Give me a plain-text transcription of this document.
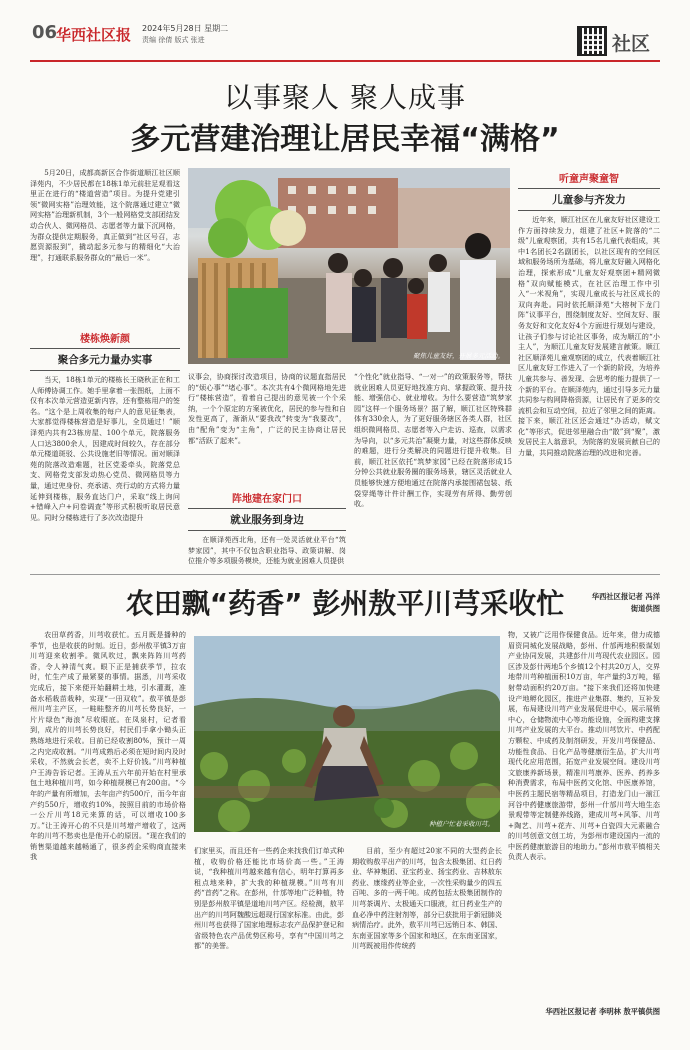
06
华西社区报 2024年5月28日 星期二
责编 徐倩 版式 张进	社区
以事聚人 聚人成事
多元营建治理让居民幸福“满格”

5月20日，成都高新区合作街道顺江社区顺泽苑内，不少居民都在18栋1单元前驻足观看这里正在进行的“楼道营造”项目。为提升党建引领“微网实格”治理效能，这个院落通过建立“微网实格”治理新机制，3个一般网格党支部团结发动合伙人、微网格员、志愿者等力量下沉网格，为群众提供定期服务，真正做到“社区号召，志愿资源报到”，撬动起多元参与的精细化“大治理”，打通联系服务群众的“最后一米”。

聚焦儿童友好，开展多元活动。
听童声聚童智
儿童参与齐发力

近年来，顺江社区在儿童友好社区建设工作方面持续发力，组建了社区+院落的“二级”儿童观察团，共有15名儿童代表组成，其中1名团长2名副团长，以社区现有的空间区域和服务场所为基础，将儿童友好融入网格化治理，探索形成“儿童友好观察团+精网微格”双向赋能模式，在社区治理工作中引入“一米视角”，实现儿童成长与社区成长的双向奔赴。同时依托顺泽苑“大榕树下龙门阵”议事平台，围绕制度友好、空间友好、服务友好和文化友好4个方面进行规划与建设，让孩子们参与讨论社区事务，成为顺江的“小主人”，为顺江儿童友好发展建言献策。顺江社区顺泽苑儿童观察团的成立，代表着顺江社区儿童友好工作进入了一个新的阶段，为培养儿童共参与、善发现、会思考的能力提供了一个新的平台。在顺泽苑内，通过引导多元力量共同参与构网降格资源，让居民有了更多的交流机会和互动空间，拉近了邻里之间的距离。接下来，顺江社区还会通过“办活动，赋文化”等形式，促进邻里融合由“散”到“聚”，激发居民主人翁意识，为院落的发展贡献自己的力量，共同推动院落治理的改进和完善。

华西社区报记者 冯洋
街道供图
楼栋焕新颜
聚合多元力量办实事

当天，18栋1单元的楼栋长王晓秋正在和工人师傅协调工作。她手里拿着一张图纸，上面不仅有本次单元营造更新内容，还有整栋用户的签名。“这个是上周收集的每户人的意见征集表，大家都觉得楼栋营造是好事儿，全员通过！”顺泽苑内共有23栋房屋、100个单元，院落服务人口达3800余人，因建成时间较久，存在部分单元楼道斑驳、公共设施老旧等情况。面对顺泽苑的院落改造难题，社区党委牵头，院落党总支、网格党支部发动热心党员、微网格员等力量，通过兜身份、亮承诺、亮行动的方式将力量延伸到楼栋，服务直达门户，采取“线上询问+错峰入户+问卷调查”等形式积极听取居民意见。同时分楼栋进行了多次改造提升

议事会，协商探讨改造项目，协商的议题直指居民的“烦心事”“堵心事”。本次共有4个微网格地先进行“楼栋营造”，看着自己提出的意见被一个个采纳，一个个原定的方案被优化，居民的参与性和自发性更高了，渐渐从“要我改”转变为“我要改”，由“配角”变为“主角”，广泛的民主协商让居民都“活跃了起来”。

阵地建在家门口
就业服务到身边

在顺泽苑西北角，还有一处灵活就业平台“筑梦家园”，其中不仅包含职业指导、政策讲解、岗位推介等多项服务模块，还能为就业困难人员提供

“个性化”就业指导、“一对一”的政策服务等，帮扶就业困难人员更好地找准方向、掌握政策、提升技能、增强信心、就业增收。为什么要营造“筑梦家园”这样一个服务场景？据了解，顺江社区特殊群体有330余人，为了更好服务辖区各类人群，社区组织微网格员、志愿者等入户走访、巡查，以需求为导向，以“多元共治”凝聚力量，对这些群体反映的难题，进行分类解决的同题进行提升收集。目前，顺江社区依托“筑梦家园”已经在院落形成15分钟公共就业服务圈的服务场景，辖区灵活就业人员能够快速方便地通过在院落内承接围裙包装、纸袋穿绳等计件计酬工作，实现劳有所得、勤劳创收。

农田飘“药香” 彭州敖平川芎采收忙
种植户忙着采收川芎。

农田草药香，川芎收获忙。五月既是播种的季节，也是收获的时刻。近日，彭州敖平镇3万亩川芎迎来收割季。微风吹过，飘来阵阵川芎药香，令人神清气爽。眼下正是捕获季节，拉农时，忙生产成了最紧要的事情。据悉，川芎采收完成后，接下来便开始翻耕土地，引水灌溉，准备水稻栽苗栽种，实现“一田双收”。敖平镇是彭州川芎主产区，一畦畦整齐的川芎长势良好，一片片绿色“海浪”尽收眼底。在凤泉村，记者看到，成片的川芎长势良好，村民们手拿小锄头正熟练地进行采收。目前已经收割80%，预计一周之内完成收割。“川芎成熟后必须在短时间内及时采收，不然就会长老，卖不上好价钱。”川芎种植户王涛告诉记者。王涛从五六年前开始在村里承包土地种植川芎，如今种植规模已有200亩。“今年的产量有所增加，去年亩产约500斤，而今年亩产约550斤，增收约10%，按照目前的市场价格一公斤川芎18元来算的话，可以增收100多万。”让王涛开心的不只是川芎增产增收了，这两年的川芎不愁卖也是他开心的原因。“现在我们的销售渠道越来越畅通了，很多药企采购商直接来我

们家里买，而且还有一些药企来找我们订单式种植，收购价格还能比市场价高一些。”王涛说，“我种植川芎越来越有信心，明年打算再多租点地来种，扩大我的种植规模。”川芎有川药“首药”之称。在彭州，什邡等地广泛种植，特别是彭州敖平镇是道地川芎产区。经检测，敖平出产的川芎阿魏酸远超现行国家标准。由此，彭州川芎也获得了国家地理标志农产品保护登记和省级特色农产品优势区称号，享有“中国川芎之都”的美誉。

目前，至少有超过20家不同的大型药企长期收购敖平出产的川芎，包含太极集团、红日药业、华神集团、亚宝药业、扬宝药业、吉林敖东药业、康缘药业等企业，一次性采购量少的四五百吨、多的一两千吨。成药包括太极集团制作的川芎茶调片、太极通天口服液，红日药业生产的血必净中药注射剂等，部分已获批用于新冠肺炎病情治疗。此外，敖平川芎已远销日本、韩国、东南亚国家等多个国家和地区，在东南亚国家，川芎既被用作传统药

物，又被广泛用作保健食品。近年来，借力成德眉资同城化发展战略，彭州、什邡两地积极谋划产业协同发展，共建彭什川芎现代农业园区。园区涉及彭什两地5个乡镇12个村共20万人，交界地带川芎种植面积10万亩，年产量约3万吨，辐射带动面积约20万亩。“接下来我们还将加快建设产地孵化园区，推进产业集群、集约，互补发展，布局建设川芎产业发展促进中心，展示展销中心，仓储物流中心等功能设施，全面构建支撑川芎产业发展的大平台。推动川芎饮片、中药配方颗粒、中成药及制剂研发，开发川芎保健品、功能性食品、日化产品等健康衍生品，扩大川芎现代化应用范围，拓宽产业发展空间。建设川芎文旅康养新场景，精准川芎康养、医养、药养多种消费需求，布局中医药文化馆、中医康养馆，中医药主题民宿等精品项目，打造龙门山一湔江河谷中药健康旅游带，彭州一什邡川芎大地生态景观带等定制健养线路，建成川芎+风筝、川芎+陶艺、川芎+花卉、川芎+白瓷四大元素融合的川芎创意文创工坊，为彭州市建设国内一流的中医药健康旅游目的地助力。”彭州市敖平镇相关负责人表示。

华西社区报记者 李明林 敖平镇供图
